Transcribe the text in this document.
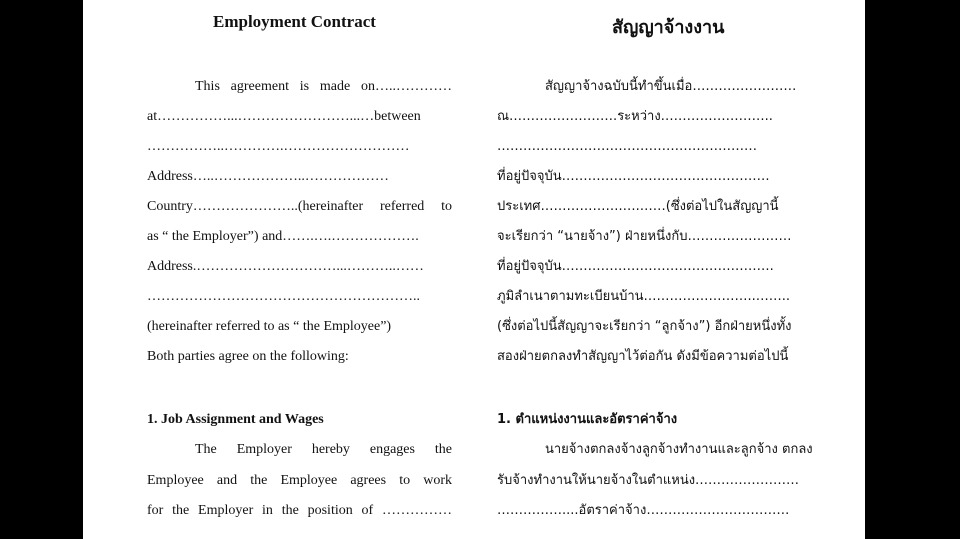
Employment Contract
This agreement is made on…..…………
at……………...……………………...…between
……………..………….………………………
Address…..………………..………………
Country…………………..(hereinafter referred to
as “ the Employer”) and…….….……………….
Address.…………………………...………..……
…………………………………………………..
(hereinafter referred to as “ the Employee”)
Both parties agree on the following:
1. Job Assignment and Wages
The Employer hereby engages the
Employee and the Employee agrees to work
for the Employer in the position of ……………
สัญญาจ้างงาน
สัญญาจ้างฉบับนี้ทำขึ้นเมื่อ……………………
ณ…………………….ระหว่าง……………………..
……………………………………………………
ที่อยู่ปัจจุบัน…………………………………………
ประเทศ……………….….……(ซึ่งต่อไปในสัญญานี้
จะเรียกว่า “นายจ้าง”) ฝ่ายหนึ่งกับ……………………
ที่อยู่ปัจจุบัน………………………………………….
ภูมิลำเนาตามทะเบียนบ้าน……………………..……..
(ซึ่งต่อไปนี้สัญญาจะเรียกว่า “ลูกจ้าง”) อีกฝ่ายหนึ่งทั้ง
สองฝ่ายตกลงทำสัญญาไว้ต่อกัน ดังมีข้อความต่อไปนี้
1. ตำแหน่งงานและอัตราค่าจ้าง
นายจ้างตกลงจ้างลูกจ้างทำงานและลูกจ้าง ตกลง
รับจ้างทำงานให้นายจ้างในตำแหน่ง……………………
……………....อัตราค่าจ้าง……………………………
